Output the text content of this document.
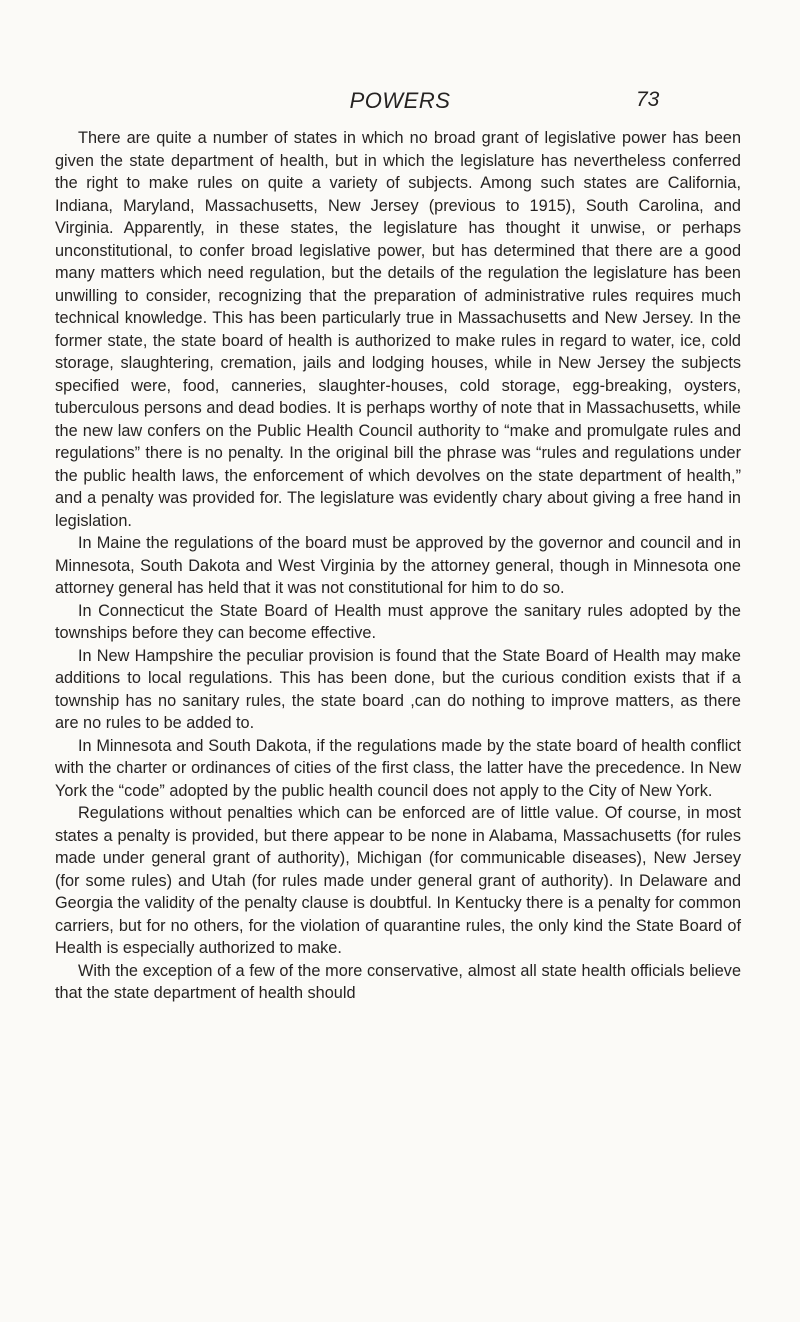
POWERS	73

There are quite a number of states in which no broad grant of legislative power has been given the state department of health, but in which the legislature has nevertheless conferred the right to make rules on quite a variety of subjects. Among such states are California, Indiana, Maryland, Massachusetts, New Jersey (previous to 1915), South Carolina, and Virginia. Apparently, in these states, the legislature has thought it unwise, or perhaps unconstitutional, to confer broad legislative power, but has determined that there are a good many matters which need regulation, but the details of the regulation the legislature has been unwilling to consider, recognizing that the preparation of administrative rules requires much technical knowledge. This has been particularly true in Massachusetts and New Jersey. In the former state, the state board of health is authorized to make rules in regard to water, ice, cold storage, slaughtering, cremation, jails and lodging houses, while in New Jersey the subjects specified were, food, canneries, slaughter-houses, cold storage, egg-breaking, oysters, tuberculous persons and dead bodies. It is perhaps worthy of note that in Massachusetts, while the new law confers on the Public Health Council authority to “make and promulgate rules and regulations” there is no penalty. In the original bill the phrase was “rules and regulations under the public health laws, the enforcement of which devolves on the state department of health,” and a penalty was provided for. The legislature was evidently chary about giving a free hand in legislation.

In Maine the regulations of the board must be approved by the governor and council and in Minnesota, South Dakota and West Virginia by the attorney general, though in Minnesota one attorney general has held that it was not constitutional for him to do so.

In Connecticut the State Board of Health must approve the sanitary rules adopted by the townships before they can become effective.

In New Hampshire the peculiar provision is found that the State Board of Health may make additions to local regulations. This has been done, but the curious condition exists that if a township has no sanitary rules, the state board ,can do nothing to improve matters, as there are no rules to be added to.

In Minnesota and South Dakota, if the regulations made by the state board of health conflict with the charter or ordinances of cities of the first class, the latter have the precedence. In New York the “code” adopted by the public health council does not apply to the City of New York.

Regulations without penalties which can be enforced are of little value. Of course, in most states a penalty is provided, but there appear to be none in Alabama, Massachusetts (for rules made under general grant of authority), Michigan (for communicable diseases), New Jersey (for some rules) and Utah (for rules made under general grant of authority). In Delaware and Georgia the validity of the penalty clause is doubtful. In Kentucky there is a penalty for common carriers, but for no others, for the violation of quarantine rules, the only kind the State Board of Health is especially authorized to make.

With the exception of a few of the more conservative, almost all state health officials believe that the state department of health should
